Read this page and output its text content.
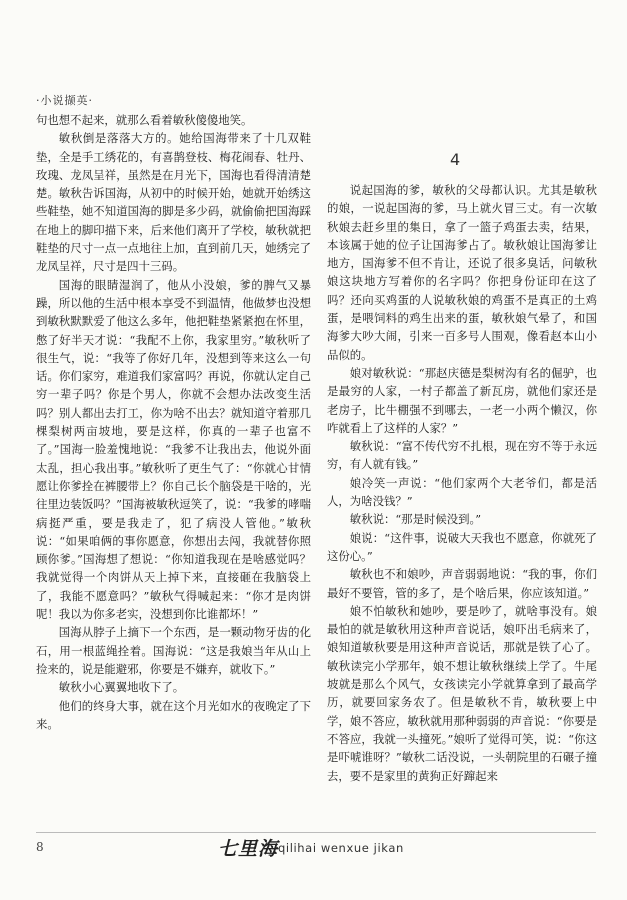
·小说撷英·

句也想不起来，就那么看着敏秋傻傻地笑。

敏秋倒是落落大方的。她给国海带来了十几双鞋垫，全是手工绣花的，有喜鹊登枝、梅花闹春、牡丹、玫瑰、龙凤呈祥，虽然是在月光下，国海也看得清清楚楚。敏秋告诉国海，从初中的时候开始，她就开始绣这些鞋垫，她不知道国海的脚是多少码，就偷偷把国海踩在地上的脚印描下来，后来他们离开了学校，敏秋就把鞋垫的尺寸一点一点地往上加，直到前几天，她绣完了龙凤呈祥，尺寸是四十三码。

国海的眼睛湿润了，他从小没娘，爹的脾气又暴躁，所以他的生活中根本享受不到温情，他做梦也没想到敏秋默默爱了他这么多年，他把鞋垫紧紧抱在怀里，憋了好半天才说：“我配不上你，我家里穷。”敏秋听了很生气，说：“我等了你好几年，没想到等来这么一句话。你们家穷，难道我们家富吗？再说，你就认定自己穷一辈子吗？你是个男人，你就不会想办法改变生活吗？别人都出去打工，你为啥不出去？就知道守着那几棵梨树两亩坡地，要是这样，你真的一辈子也富不了。”国海一脸羞愧地说：“我爹不让我出去，他说外面太乱，担心我出事。”敏秋听了更生气了：“你就心甘情愿让你爹拴在裤腰带上？你自己长个脑袋是干啥的，光往里边装饭吗？”国海被敏秋逗笑了，说：“我爹的哮喘病挺严重，要是我走了，犯了病没人管他。”敏秋说：“如果咱俩的事你愿意，你想出去闯，我就替你照顾你爹。”国海想了想说：“你知道我现在是啥感觉吗？我就觉得一个肉饼从天上掉下来，直接砸在我脑袋上了，我能不愿意吗？”敏秋气得喊起来：“你才是肉饼呢！我以为你多老实，没想到你比谁都坏！”

国海从脖子上摘下一个东西，是一颗动物牙齿的化石，用一根蓝绳拴着。国海说：“这是我娘当年从山上捡来的，说是能避邪，你要是不嫌弃，就收下。”

敏秋小心翼翼地收下了。

他们的终身大事，就在这个月光如水的夜晚定了下来。

4

说起国海的爹，敏秋的父母都认识。尤其是敏秋的娘，一说起国海的爹，马上就火冒三丈。有一次敏秋娘去赶乡里的集日，拿了一篮子鸡蛋去卖，结果，本该属于她的位子让国海爹占了。敏秋娘让国海爹让地方，国海爹不但不肯让，还说了很多臭话，问敏秋娘这块地方写着你的名字吗？你把身份证印在这了吗？还向买鸡蛋的人说敏秋娘的鸡蛋不是真正的土鸡蛋，是喂饲料的鸡生出来的蛋，敏秋娘气晕了，和国海爹大吵大闹，引来一百多号人围观，像看赵本山小品似的。

娘对敏秋说：“那赵庆德是梨树沟有名的倔驴，也是最穷的人家，一村子都盖了新瓦房，就他们家还是老房子，比牛棚强不到哪去，一老一小两个懒汉，你咋就看上了这样的人家？”

敏秋说：“富不传代穷不扎根，现在穷不等于永远穷，有人就有钱。”

娘冷笑一声说：“他们家两个大老爷们，都是活人，为啥没钱？”

敏秋说：“那是时候没到。”

娘说：“这件事，说破大天我也不愿意，你就死了这份心。”

敏秋也不和娘吵，声音弱弱地说：“我的事，你们最好不要管，管的多了，是个啥后果，你应该知道。”

娘不怕敏秋和她吵，要是吵了，就啥事没有。娘最怕的就是敏秋用这种声音说话，娘吓出毛病来了，娘知道敏秋要是用这种声音说话，那就是铁了心了。敏秋读完小学那年，娘不想让敏秋继续上学了。牛尾坡就是那么个风气，女孩读完小学就算拿到了最高学历，就要回家务农了。但是敏秋不肯，敏秋要上中学，娘不答应，敏秋就用那种弱弱的声音说：“你要是不答应，我就一头撞死。”娘听了觉得可笑，说：“你这是吓唬谁呀？”敏秋二话没说，一头朝院里的石碾子撞去，要不是家里的黄狗正好蹿起来

8	七里海 qilihai wenxue jikan
